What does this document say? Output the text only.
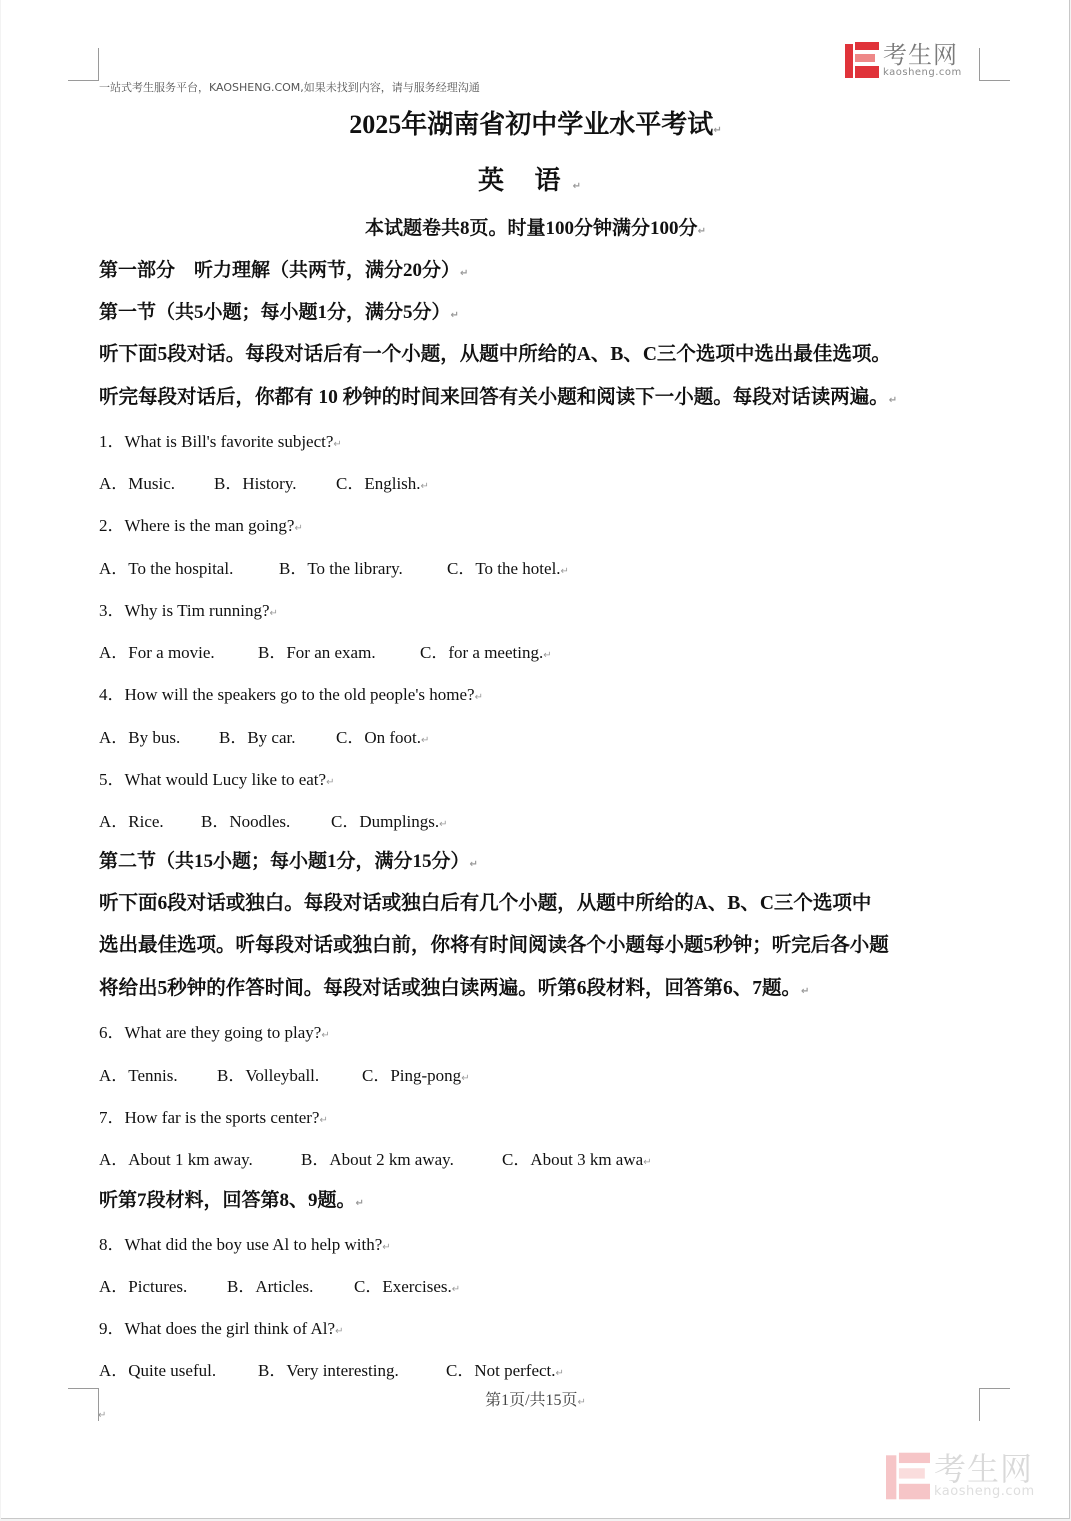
一站式考生服务平台，KAOSHENG.COM,如果未找到内容，请与服务经理沟通
考生网
kaosheng.com
2025年湖南省初中学业水平考试↵
英 语↵
本试题卷共8页。时量100分钟满分100分↵
第一部分　听力理解（共两节，满分20分）↵
第一节（共5小题；每小题1分，满分5分）↵
听下面5段对话。每段对话后有一个小题，从题中所给的A、B、C三个选项中选出最佳选项。
听完每段对话后，你都有 10 秒钟的时间来回答有关小题和阅读下一小题。每段对话读两遍。↵
1．What is Bill's favorite subject?↵
A．Music. B．History. C．English.↵
2．Where is the man going?↵
A．To the hospital.	B．To the library.	C．To the hotel.↵
3．Why is Tim running?↵
A．For a movie.	B．For an exam.	C．for a meeting.↵
4．How will the speakers go to the old people's home?↵
A．By bus. B．By car. C．On foot.↵
5．What would Lucy like to eat?↵
A．Rice. B．Noodles. C．Dumplings.↵
第二节（共15小题；每小题1分，满分15分）↵
听下面6段对话或独白。每段对话或独白后有几个小题，从题中所给的A、B、C三个选项中
选出最佳选项。听每段对话或独白前，你将有时间阅读各个小题每小题5秒钟；听完后各小题
将给出5秒钟的作答时间。每段对话或独白读两遍。听第6段材料，回答第6、7题。↵
6．What are they going to play?↵
A．Tennis. B．Volleyball.	C．Ping-pong↵
7．How far is the sports center?↵
A．About 1 km away.	B．About 2 km away.	C．About 3 km awa↵
听第7段材料，回答第8、9题。↵
8．What did the boy use Al to help with?↵
A．Pictures. B．Articles. C．Exercises.↵
9．What does the girl think of Al?↵
A．Quite useful. B．Very interesting.	C．Not perfect.↵
第1页/共15页↵
↵
考生网
kaosheng.com
